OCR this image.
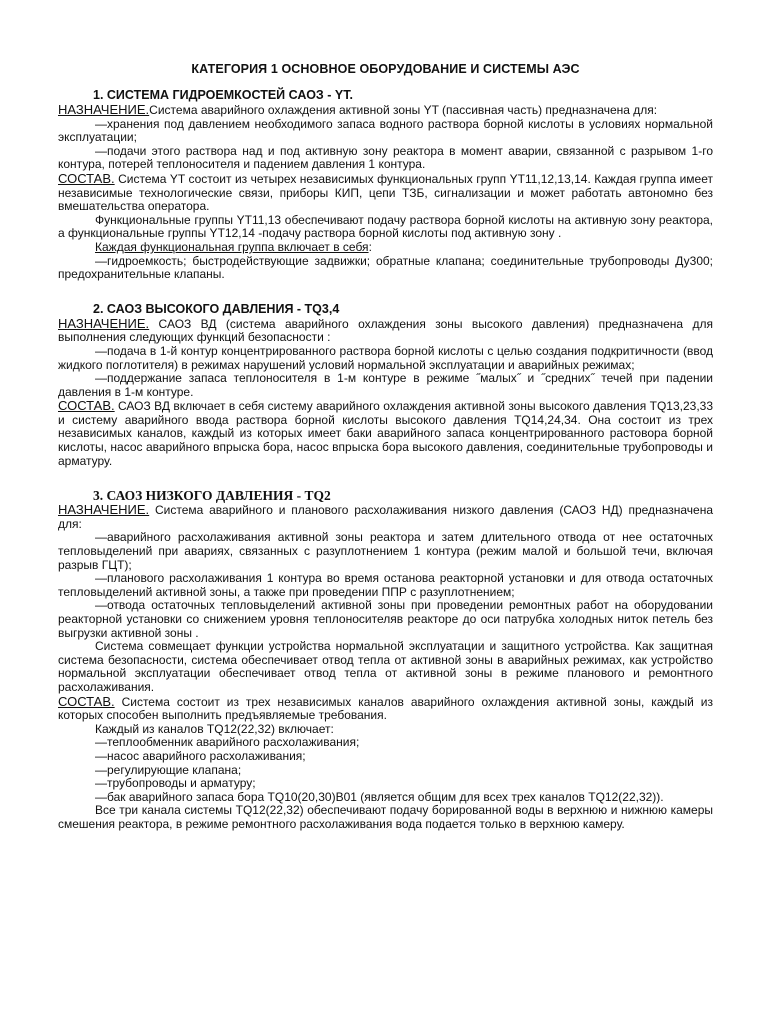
КАТЕГОРИЯ 1 ОСНОВНОЕ ОБОРУДОВАНИЕ И СИСТЕМЫ АЭС
1. СИСТЕМА ГИДРОЕМКОСТЕЙ САОЗ - YT.

НАЗНАЧЕНИЕ.Система аварийного охлаждения активной зоны YT (пассивная часть) предназначена для:

—хранения под давлением необходимого запаса водного раствора борной кислоты в условиях нормальной эксплуатации;

—подачи этого раствора над и под активную зону реактора в момент аварии, связанной с разрывом 1-го контура, потерей теплоносителя и падением давления 1 контура.

СОСТАВ. Система YT состоит из четырех независимых функциональных групп YT11,12,13,14. Каждая группа имеет независимые технологические связи, приборы КИП, цепи ТЗБ, сигнализации и может работать автономно без вмешательства оператора.

Функциональные группы YT11,13 обеспечивают подачу раствора борной кислоты на активную зону реактора, а функциональные группы YT12,14 -подачу раствора борной кислоты под активную зону .

Каждая функциональная группа включает в себя:

—гидроемкость; быстродействующие задвижки; обратные клапана; соединительные трубопроводы Ду300; предохранительные клапаны.

2. САОЗ ВЫСОКОГО ДАВЛЕНИЯ - TQ3,4

НАЗНАЧЕНИЕ. САОЗ ВД (система аварийного охлаждения зоны высокого давления) предназначена для выполнения следующих функций безопасности :

—подача в 1-й контур концентрированного раствора борной кислоты с целью создания подкритичности (ввод жидкого поглотителя) в режимах нарушений условий нормальной эксплуатации и аварийных режимах;

—поддержание запаса теплоносителя в 1-м контуре в режиме ˝малых˝ и ˝средних˝ течей при падении давления в 1-м контуре.

СОСТАВ. САОЗ ВД включает в себя систему аварийного охлаждения активной зоны высокого давления TQ13,23,33 и систему аварийного ввода раствора борной кислоты высокого давления TQ14,24,34. Она состоит из трех независимых каналов, каждый из которых имеет баки аварийного запаса концентрированного растовора борной кислоты, насос аварийного впрыска бора, насос впрыска бора высокого давления, соединительные трубопроводы и арматуру.

3. САОЗ НИЗКОГО ДАВЛЕНИЯ - TQ2

НАЗНАЧЕНИЕ. Система аварийного и планового расхолаживания низкого давления (САОЗ НД) предназначена для:

—аварийного расхолаживания активной зоны реактора и затем длительного отвода от нее остаточных тепловыделений при авариях, связанных с разуплотнением 1 контура (режим малой и большой течи, включая разрыв ГЦТ);

—планового расхолаживания 1 контура во время останова реакторной установки и для отвода остаточных тепловыделений активной зоны, а также при проведении ППР с разуплотнением;

—отвода остаточных тепловыделений активной зоны при проведении ремонтных работ на оборудовании реакторной установки со снижением уровня теплоносителяв реакторе до оси патрубка холодных ниток петель без выгрузки активной зоны .

Система совмещает функции устройства нормальной эксплуатации и защитного устройства. Как защитная система безопасности, система обеспечивает отвод тепла от активной зоны в аварийных режимах, как устройство нормальной эксплуатации обеспечивает отвод тепла от активной зоны в режиме планового и ремонтного расхолаживания.

СОСТАВ. Система состоит из трех независимых каналов аварийного охлаждения активной зоны, каждый из которых способен выполнить предъявляемые требования.

Каждый из каналов TQ12(22,32) включает:

—теплообменник аварийного расхолаживания;

—насос аварийного расхолаживания;

—регулирующие клапана;

—трубопроводы и арматуру;

—бак аварийного запаса бора TQ10(20,30)B01 (является общим для всех трех каналов TQ12(22,32)).

Все три канала системы TQ12(22,32) обеспечивают подачу борированной воды в верхнюю и нижнюю камеры смешения реактора, в режиме ремонтного расхолаживания вода подается только в верхнюю камеру.
